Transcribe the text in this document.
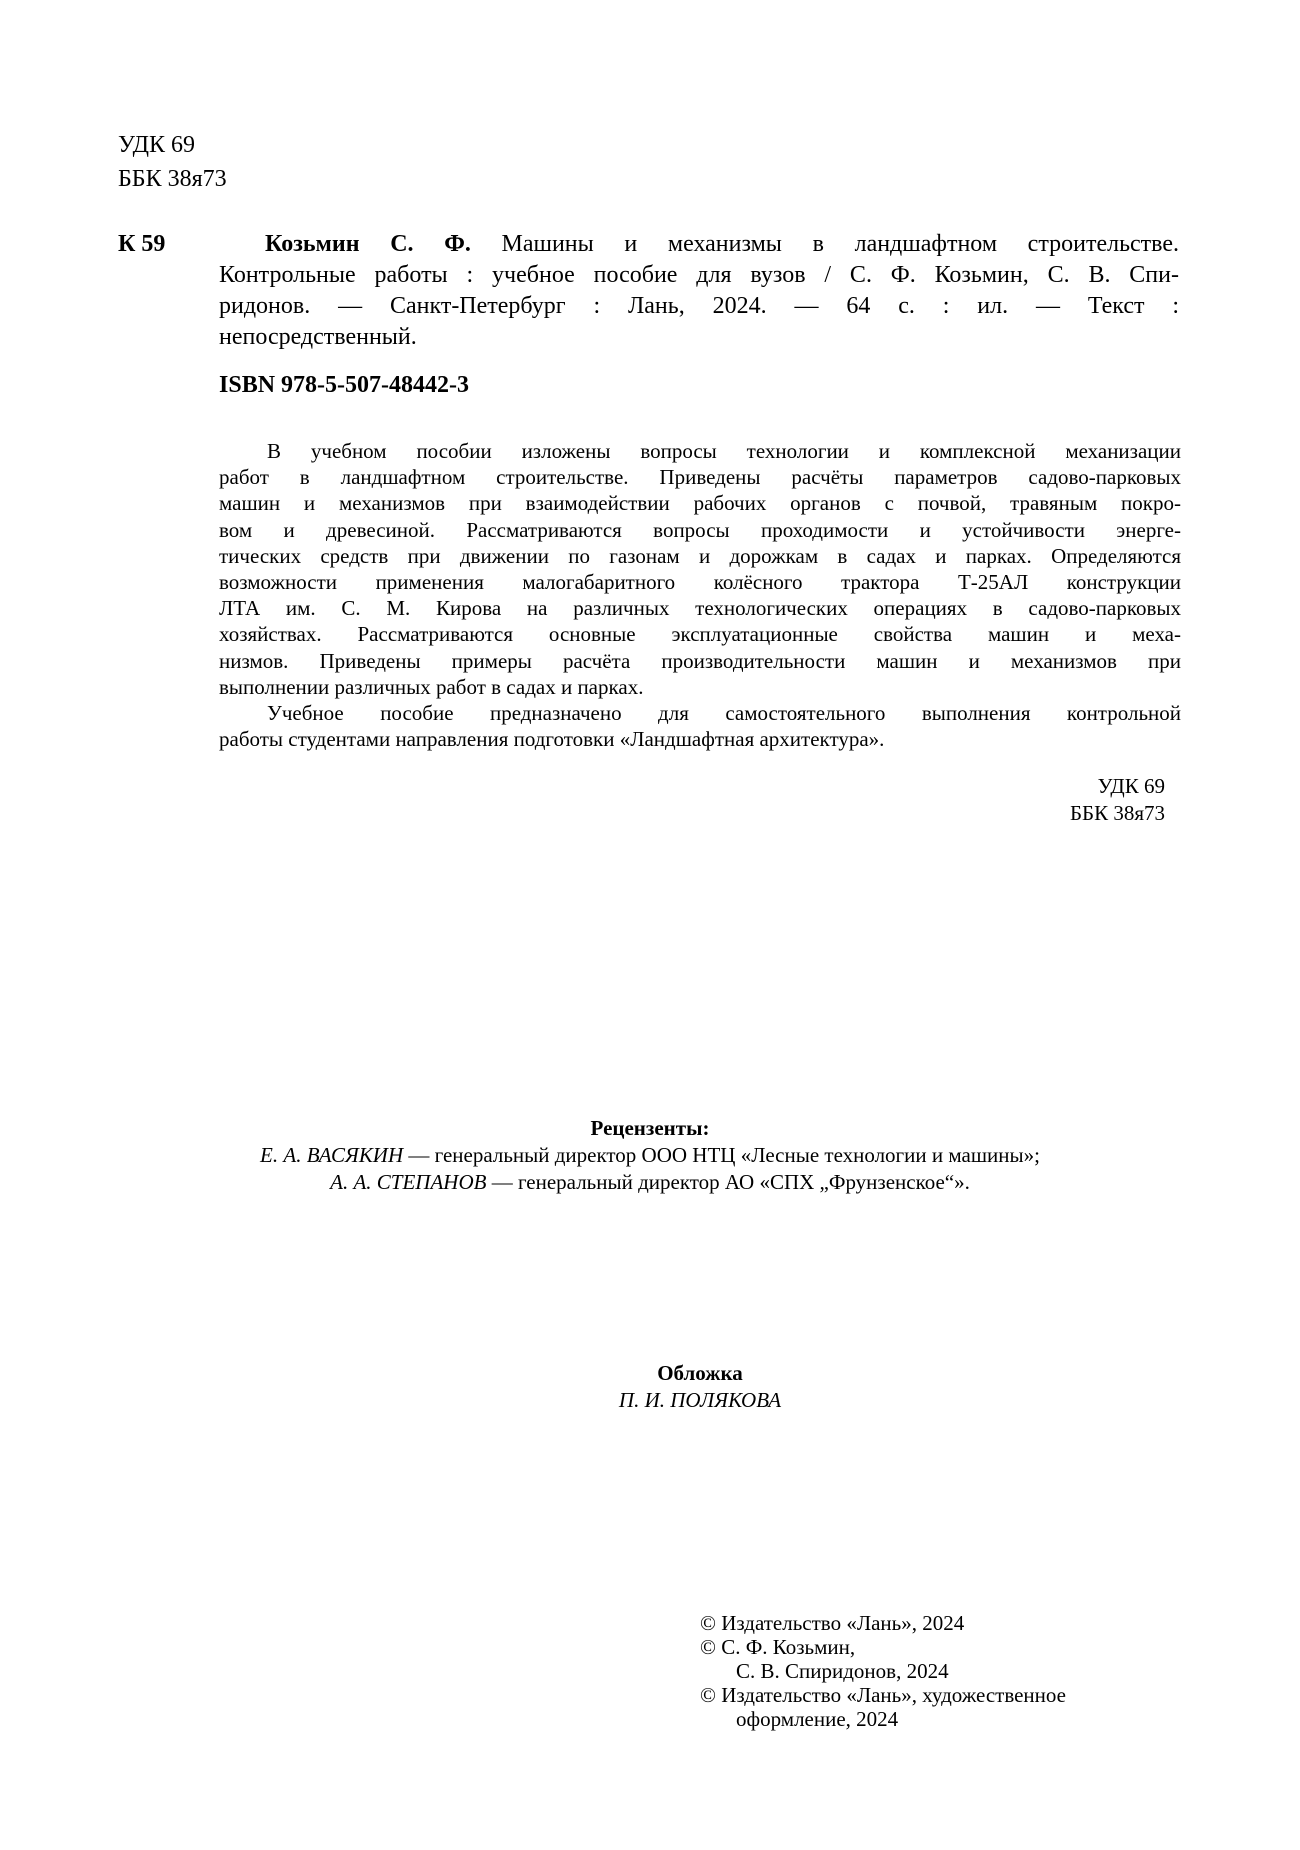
УДК 69
ББК 38я73
К 59	Козьмин С. Ф. Машины и механизмы в ландшафтном строительстве.
Контрольные работы : учебное пособие для вузов / С. Ф. Козьмин, С. В. Спи-
ридонов. — Санкт-Петербург : Лань, 2024. — 64 с. : ил. — Текст :
непосредственный.
ISBN 978-5-507-48442-3
В учебном пособии изложены вопросы технологии и комплексной механизации
работ в ландшафтном строительстве. Приведены расчёты параметров садово-парковых
машин и механизмов при взаимодействии рабочих органов с почвой, травяным покро-
вом и древесиной. Рассматриваются вопросы проходимости и устойчивости энерге-
тических средств при движении по газонам и дорожкам в садах и парках. Определяются
возможности применения малогабаритного колёсного трактора Т-25АЛ конструкции
ЛТА им. С. М. Кирова на различных технологических операциях в садово-парковых
хозяйствах. Рассматриваются основные эксплуатационные свойства машин и меха-
низмов. Приведены примеры расчёта производительности машин и механизмов при
выполнении различных работ в садах и парках.
Учебное пособие предназначено для самостоятельного выполнения контрольной
работы студентами направления подготовки «Ландшафтная архитектура».
УДК 69
ББК 38я73
Рецензенты:
Е. А. ВАСЯКИН — генеральный директор ООО НТЦ «Лесные технологии и машины»;
А. А. СТЕПАНОВ — генеральный директор АО «СПХ „Фрунзенское“».
Обложка
П. И. ПОЛЯКОВА
© Издательство «Лань», 2024
© С. Ф. Козьмин,
С. В. Спиридонов, 2024
© Издательство «Лань», художественное
оформление, 2024
